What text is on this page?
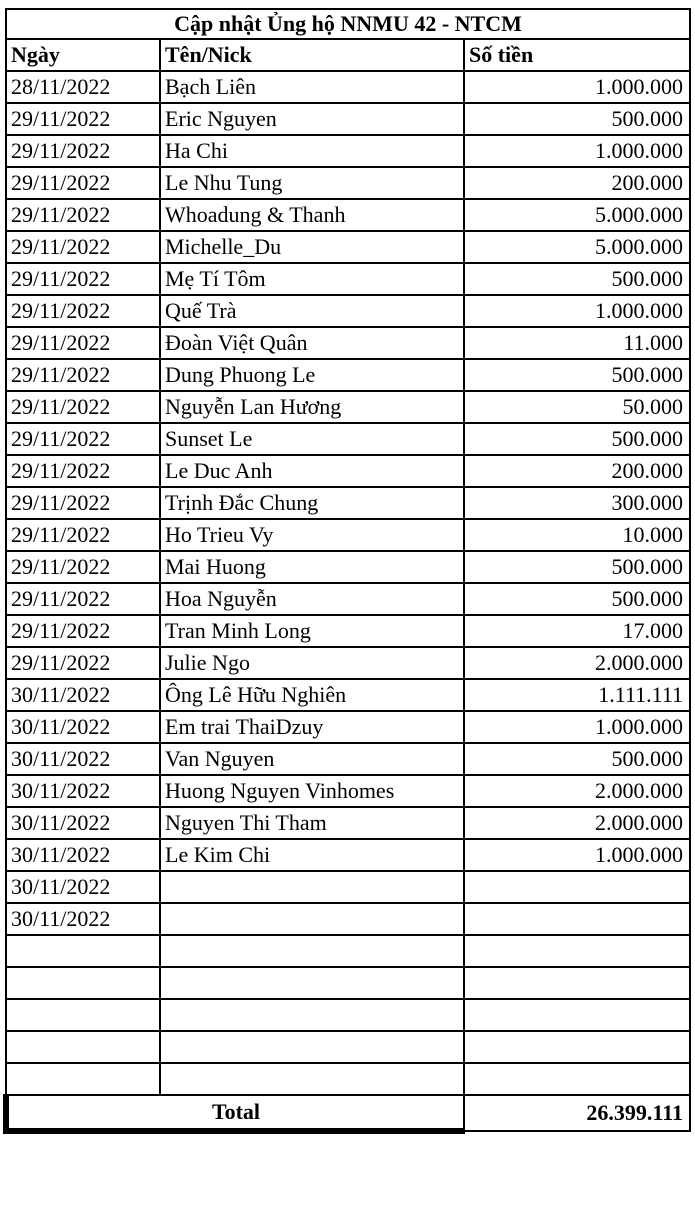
Cập nhật Ủng hộ NNMU 42 - NTCM		
Ngày	Tên/Nick	Số tiền
28/11/2022	Bạch Liên	1.000.000
29/11/2022	Eric Nguyen	500.000
29/11/2022	Ha Chi	1.000.000
29/11/2022	Le Nhu Tung	200.000
29/11/2022	Whoadung & Thanh	5.000.000
29/11/2022	Michelle_Du	5.000.000
29/11/2022	Mẹ Tí Tôm	500.000
29/11/2022	Quế Trà	1.000.000
29/11/2022	Đoàn Việt Quân	11.000
29/11/2022	Dung Phuong Le	500.000
29/11/2022	Nguyễn Lan Hương	50.000
29/11/2022	Sunset Le	500.000
29/11/2022	Le Duc Anh	200.000
29/11/2022	Trịnh Đắc Chung	300.000
29/11/2022	Ho Trieu Vy	10.000
29/11/2022	Mai Huong	500.000
29/11/2022	Hoa Nguyễn	500.000
29/11/2022	Tran Minh Long	17.000
29/11/2022	Julie Ngo	2.000.000
30/11/2022	Ông Lê Hữu Nghiên	1.111.111
30/11/2022	Em trai ThaiDzuy	1.000.000
30/11/2022	Van Nguyen	500.000
30/11/2022	Huong Nguyen Vinhomes	2.000.000
30/11/2022	Nguyen Thi Tham	2.000.000
30/11/2022	Le Kim Chi	1.000.000
30/11/2022		
30/11/2022		

Total		26.399.111
